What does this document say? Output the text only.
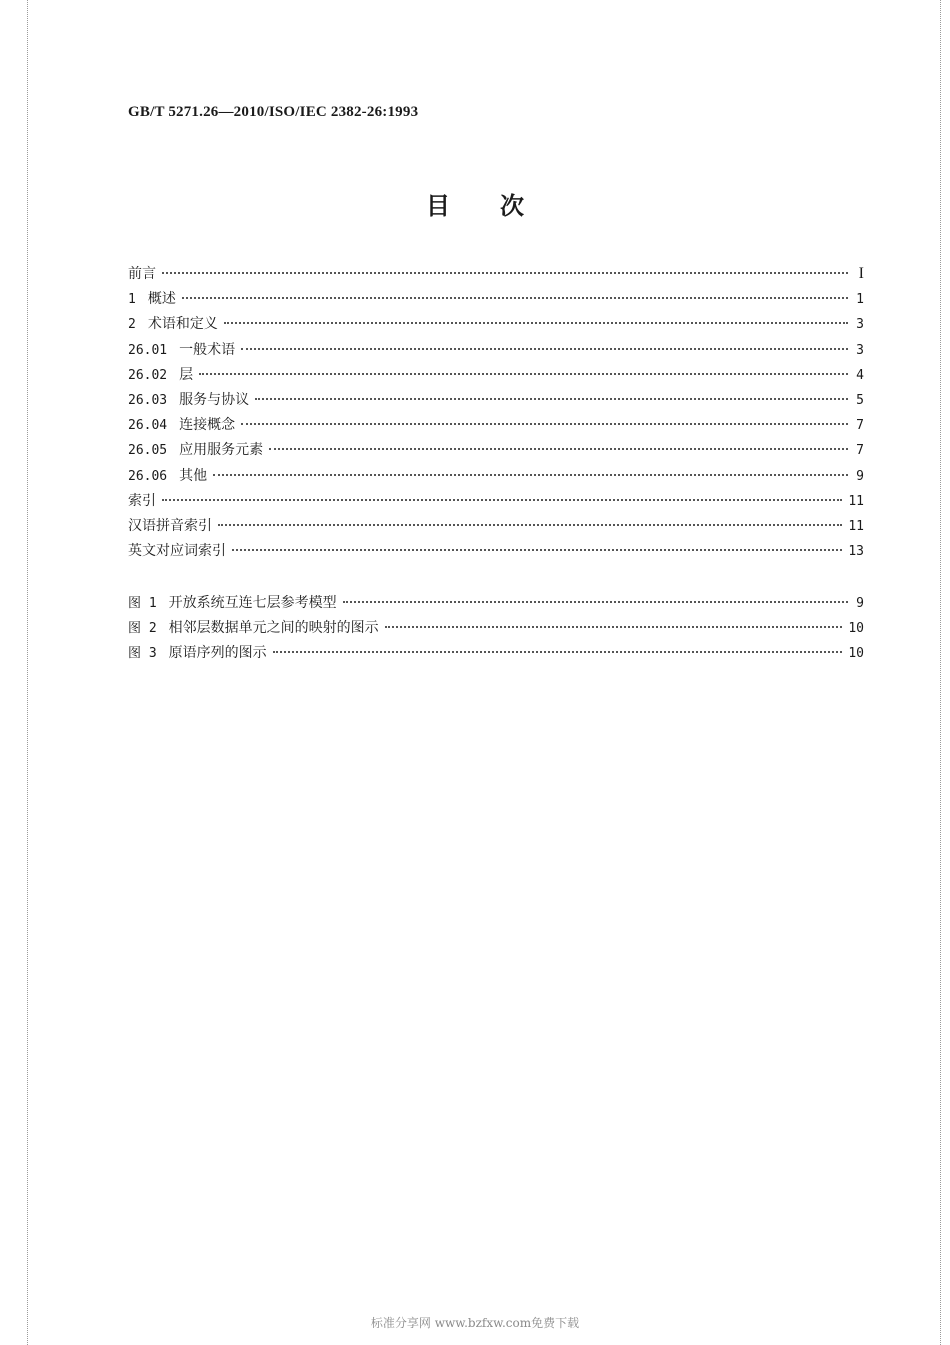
GB/T 5271.26—2010/ISO/IEC 2382-26:1993
目 次
前言	I
1 概述	1
2 术语和定义	3
26.01 一般术语	3
26.02 层	4
26.03 服务与协议	5
26.04 连接概念	7
26.05 应用服务元素	7
26.06 其他	9
索引	11
汉语拼音索引	11
英文对应词索引	13
图 1 开放系统互连七层参考模型	9
图 2 相邻层数据单元之间的映射的图示	10
图 3 原语序列的图示	10
标准分享网 www.bzfxw.com免费下载
